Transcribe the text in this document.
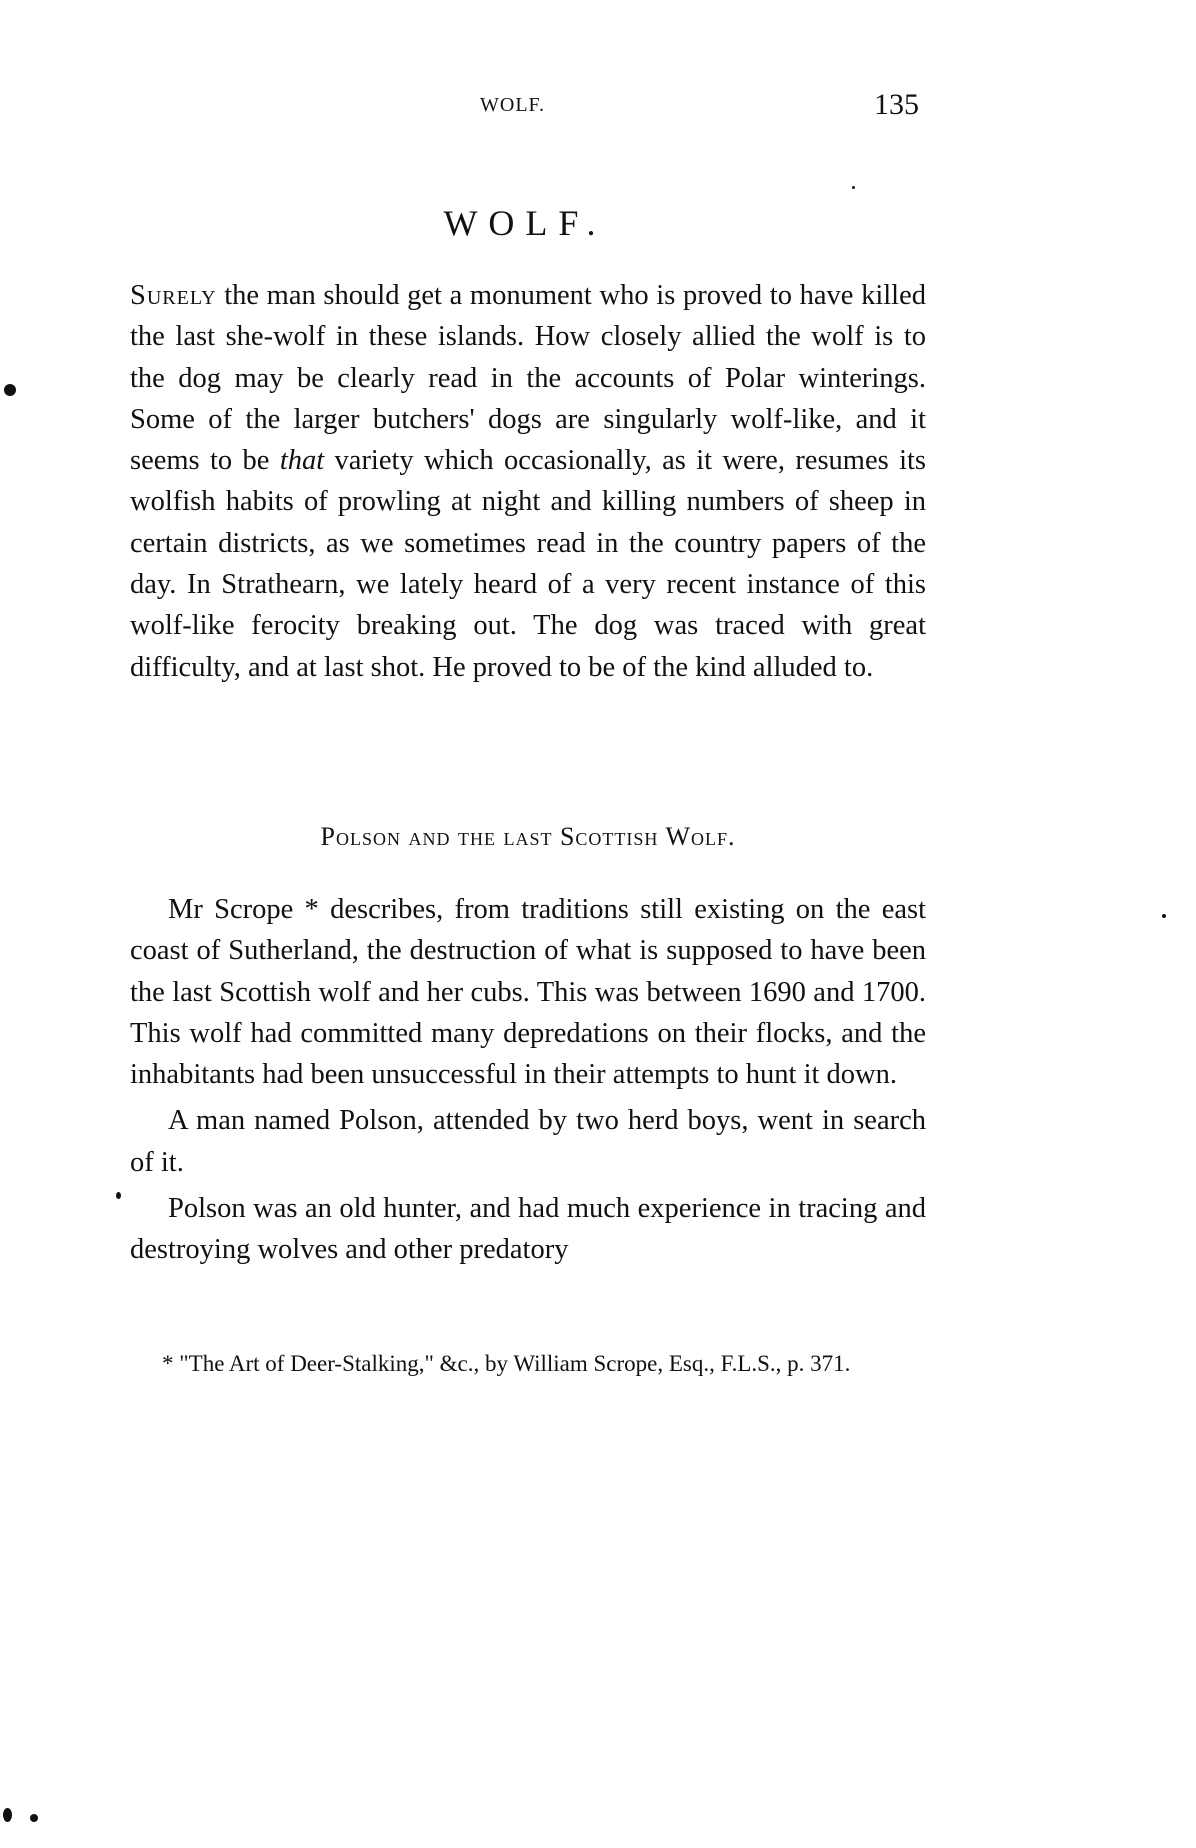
WOLF.	135
WOLF.

Surely the man should get a monument who is proved to have killed the last she-wolf in these islands. How closely allied the wolf is to the dog may be clearly read in the accounts of Polar winterings. Some of the larger butchers' dogs are singularly wolf-like, and it seems to be that variety which occasionally, as it were, resumes its wolfish habits of prowling at night and killing numbers of sheep in certain districts, as we sometimes read in the country papers of the day. In Strathearn, we lately heard of a very recent instance of this wolf-like ferocity breaking out. The dog was traced with great difficulty, and at last shot. He proved to be of the kind alluded to.

Polson and the last Scottish Wolf.

Mr Scrope * describes, from traditions still existing on the east coast of Sutherland, the destruction of what is supposed to have been the last Scottish wolf and her cubs. This was between 1690 and 1700. This wolf had committed many depredations on their flocks, and the inhabitants had been unsuccessful in their attempts to hunt it down.

A man named Polson, attended by two herd boys, went in search of it.

Polson was an old hunter, and had much experience in tracing and destroying wolves and other predatory

* "The Art of Deer-Stalking," &c., by William Scrope, Esq., F.L.S., p. 371.
